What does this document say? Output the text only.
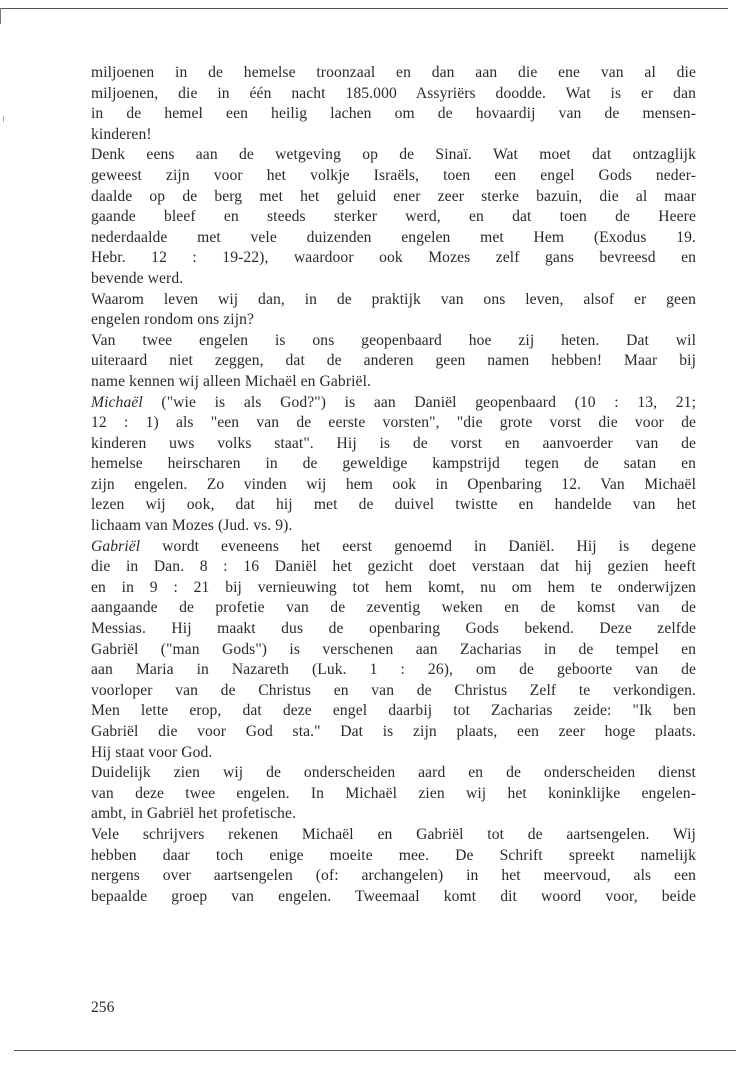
miljoenen in de hemelse troonzaal en dan aan die ene van al die
miljoenen, die in één nacht 185.000 Assyriërs doodde. Wat is er dan
in de hemel een heilig lachen om de hovaardij van de mensen-
kinderen!
Denk eens aan de wetgeving op de Sinaï. Wat moet dat ontzaglijk
geweest zijn voor het volkje Israëls, toen een engel Gods neder-
daalde op de berg met het geluid ener zeer sterke bazuin, die al maar
gaande bleef en steeds sterker werd, en dat toen de Heere
nederdaalde met vele duizenden engelen met Hem (Exodus 19.
Hebr. 12 : 19-22), waardoor ook Mozes zelf gans bevreesd en
bevende werd.
Waarom leven wij dan, in de praktijk van ons leven, alsof er geen
engelen rondom ons zijn?
Van twee engelen is ons geopenbaard hoe zij heten. Dat wil
uiteraard niet zeggen, dat de anderen geen namen hebben! Maar bij
name kennen wij alleen Michaël en Gabriël.
Michaël ("wie is als God?") is aan Daniël geopenbaard (10 : 13, 21;
12 : 1) als "een van de eerste vorsten", "die grote vorst die voor de
kinderen uws volks staat". Hij is de vorst en aanvoerder van de
hemelse heirscharen in de geweldige kampstrijd tegen de satan en
zijn engelen. Zo vinden wij hem ook in Openbaring 12. Van Michaël
lezen wij ook, dat hij met de duivel twistte en handelde van het
lichaam van Mozes (Jud. vs. 9).
Gabriël wordt eveneens het eerst genoemd in Daniël. Hij is degene
die in Dan. 8 : 16 Daniël het gezicht doet verstaan dat hij gezien heeft
en in 9 : 21 bij vernieuwing tot hem komt, nu om hem te onderwijzen
aangaande de profetie van de zeventig weken en de komst van de
Messias. Hij maakt dus de openbaring Gods bekend. Deze zelfde
Gabriël ("man Gods") is verschenen aan Zacharias in de tempel en
aan Maria in Nazareth (Luk. 1 : 26), om de geboorte van de
voorloper van de Christus en van de Christus Zelf te verkondigen.
Men lette erop, dat deze engel daarbij tot Zacharias zeide: "Ik ben
Gabriël die voor God sta." Dat is zijn plaats, een zeer hoge plaats.
Hij staat voor God.
Duidelijk zien wij de onderscheiden aard en de onderscheiden dienst
van deze twee engelen. In Michaël zien wij het koninklijke engelen-
ambt, in Gabriël het profetische.
Vele schrijvers rekenen Michaël en Gabriël tot de aartsengelen. Wij
hebben daar toch enige moeite mee. De Schrift spreekt namelijk
nergens over aartsengelen (of: archangelen) in het meervoud, als een
bepaalde groep van engelen. Tweemaal komt dit woord voor, beide
256
